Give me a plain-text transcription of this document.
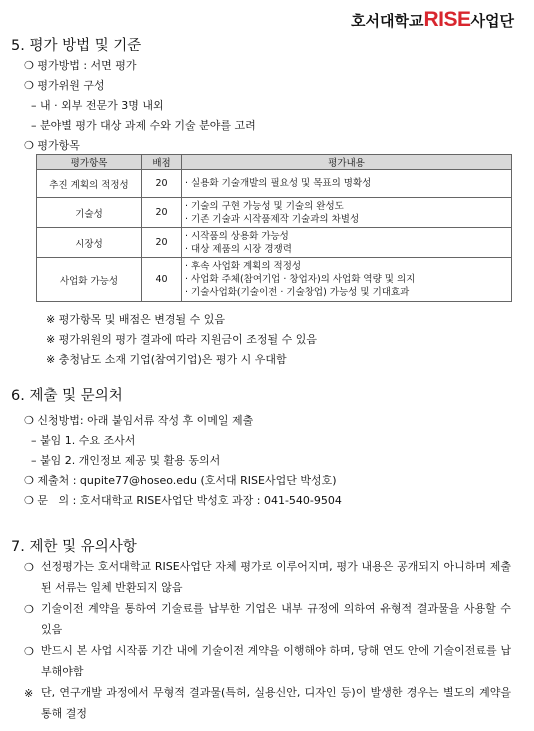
호서대학교RISE사업단
5. 평가 방법 및 기준
❍ 평가방법 : 서면 평가
❍ 평가위원 구성
– 내 · 외부 전문가 3명 내외
– 분야별 평가 대상 과제 수와 기술 분야를 고려
❍ 평가항목
평가항목	배점	평가내용
추진 계획의 적정성	20	· 실용화 기술개발의 필요성 및 목표의 명확성

기술성	20	· 기술의 구현 가능성 및 기술의 완성도
· 기존 기술과 시작품제작 기술과의 차별성

시장성	20	· 시작품의 상용화 가능성
· 대상 제품의 시장 경쟁력

사업화 가능성	40	· 후속 사업화 계획의 적정성
· 사업화 주체(참여기업 · 창업자)의 사업화 역량 및 의지
· 기술사업화(기술이전 · 기술창업) 가능성 및 기대효과
※ 평가항목 및 배점은 변경될 수 있음
※ 평가위원의 평가 결과에 따라 지원금이 조정될 수 있음
※ 충청남도 소재 기업(참여기업)은 평가 시 우대함
6. 제출 및 문의처
❍ 신청방법: 아래 붙임서류 작성 후 이메일 제출
– 붙임 1. 수요 조사서
– 붙임 2. 개인정보 제공 및 활용 동의서
❍ 제출처 : qupite77@hoseo.edu (호서대 RISE사업단 박성호)
❍ 문   의 : 호서대학교 RISE사업단 박성호 과장 : 041-540-9504
7. 제한 및 유의사항
❍ 선정평가는 호서대학교 RISE사업단 자체 평가로 이루어지며, 평가 내용은 공개되지 아니하며 제출된 서류는 일체 반환되지 않음
❍ 기술이전 계약을 통하여 기술료를 납부한 기업은 내부 규정에 의하여 유형적 결과물을 사용할 수 있음
❍ 반드시 본 사업 시작품 기간 내에 기술이전 계약을 이행해야 하며, 당해 연도 안에 기술이전료를 납부해야함
※ 단, 연구개발 과정에서 무형적 결과물(특허, 실용신안, 디자인 등)이 발생한 경우는 별도의 계약을 통해 결정
